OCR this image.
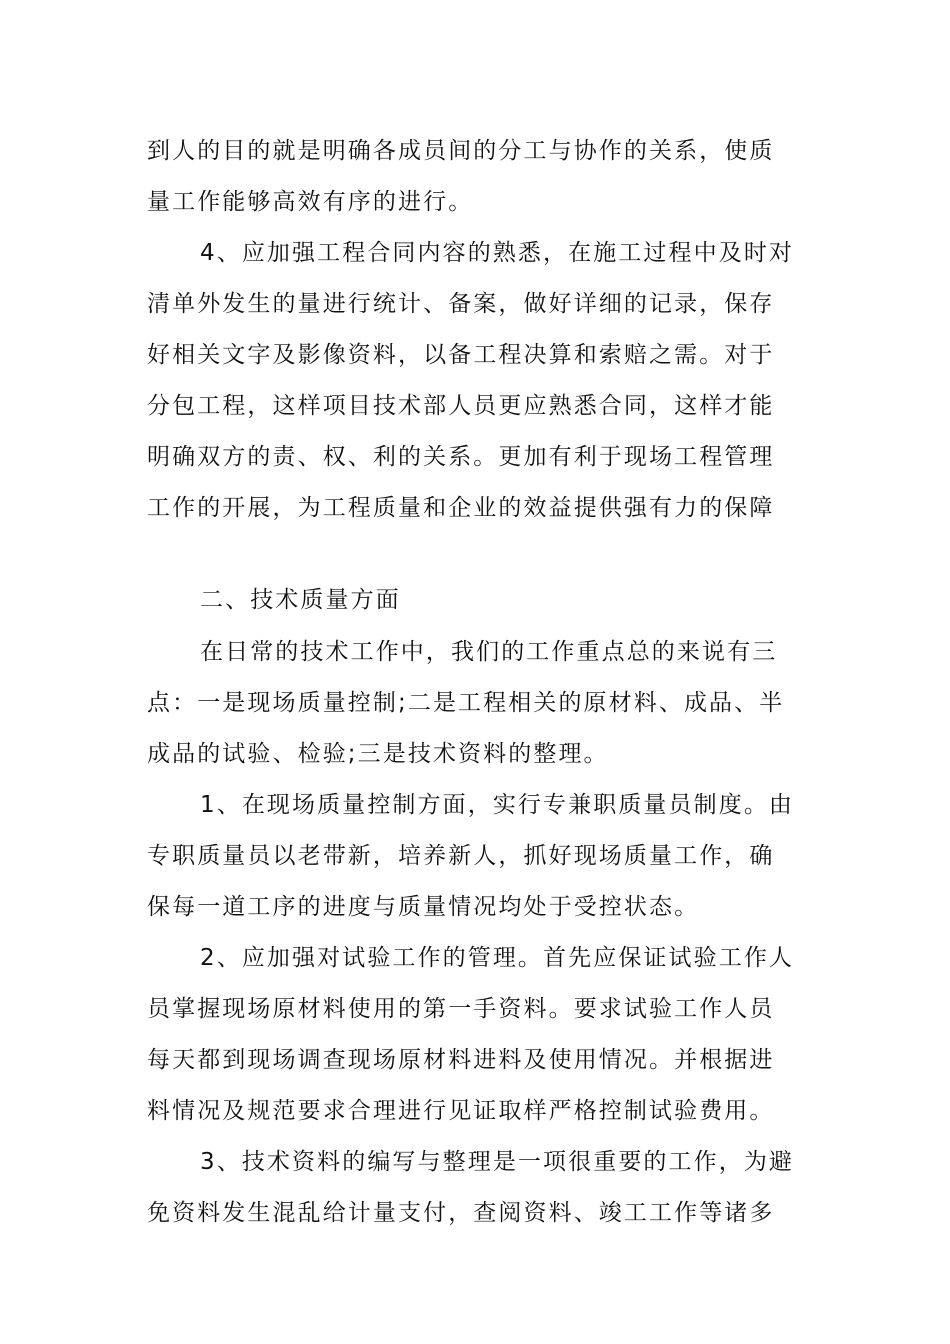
到人的目的就是明确各成员间的分工与协作的关系，使质
量工作能够高效有序的进行。
4、应加强工程合同内容的熟悉，在施工过程中及时对
清单外发生的量进行统计、备案，做好详细的记录，保存
好相关文字及影像资料，以备工程决算和索赔之需。对于
分包工程，这样项目技术部人员更应熟悉合同，这样才能
明确双方的责、权、利的关系。更加有利于现场工程管理
工作的开展，为工程质量和企业的效益提供强有力的保障
二、技术质量方面
在日常的技术工作中，我们的工作重点总的来说有三
点：一是现场质量控制;二是工程相关的原材料、成品、半
成品的试验、检验;三是技术资料的整理。
1、在现场质量控制方面，实行专兼职质量员制度。由
专职质量员以老带新，培养新人，抓好现场质量工作，确
保每一道工序的进度与质量情况均处于受控状态。
2、应加强对试验工作的管理。首先应保证试验工作人
员掌握现场原材料使用的第一手资料。要求试验工作人员
每天都到现场调查现场原材料进料及使用情况。并根据进
料情况及规范要求合理进行见证取样严格控制试验费用。
3、技术资料的编写与整理是一项很重要的工作，为避
免资料发生混乱给计量支付，查阅资料、竣工工作等诸多
